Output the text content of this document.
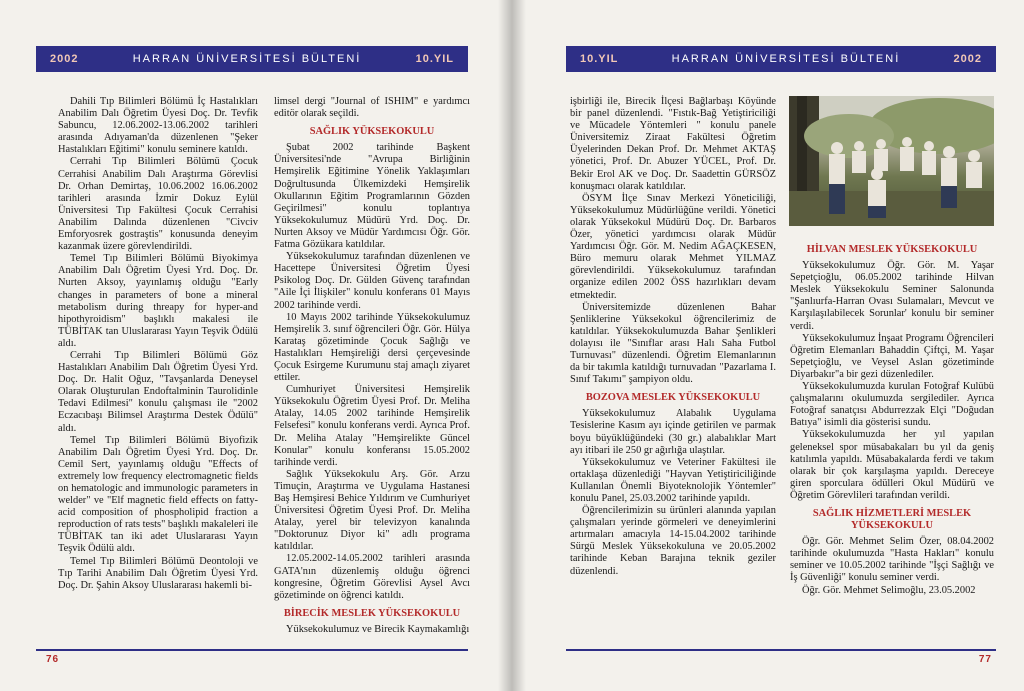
2002	HARRAN ÜNİVERSİTESİ BÜLTENİ	10.YIL

Dahili Tıp Bilimleri Bölümü İç Hastalıkları Anabilim Dalı Öğretim Üyesi Doç. Dr. Tevfik Sabuncu, 12.06.2002-13.06.2002 tarihleri arasında Adıyaman'da düzenlenen "Şeker Hastalıkları Eğitimi" konulu seminere katıldı.

Cerrahi Tıp Bilimleri Bölümü Çocuk Cerrahisi Anabilim Dalı Araştırma Görevlisi Dr. Orhan Demirtaş, 10.06.2002 16.06.2002 tarihleri arasında İzmir Dokuz Eylül Üniversitesi Tıp Fakültesi Çocuk Cerrahisi Anabilim Dalında düzenlenen "Civciv Emforyosrek gostraştis" konusunda deneyim kazanmak üzere görevlendirildi.

Temel Tıp Bilimleri Bölümü Biyokimya Anabilim Dalı Öğretim Üyesi Yrd. Doç. Dr. Nurten Aksoy, yayınlamış olduğu "Early changes in parameters of bone a mineral metabolism during threapy for hyper-and hipothyroidism" başlıklı makalesi ile TÜBİTAK tan Uluslararası Yayın Teşvik Ödülü aldı.

Cerrahi Tıp Bilimleri Bölümü Göz Hastalıkları Anabilim Dalı Öğretim Üyesi Yrd. Doç. Dr. Halit Oğuz, "Tavşanlarda Deneysel Olarak Oluşturulan Endoftalminin Taurolidinle Tedavi Edilmesi" konulu çalışması ile "2002 Eczacıbaşı Bilimsel Araştırma Destek Ödülü" aldı.

Temel Tıp Bilimleri Bölümü Biyofizik Anabilim Dalı Öğretim Üyesi Yrd. Doç. Dr. Cemil Sert, yayınlamış olduğu "Effects of extremely low frequency electromagnetic fields on hematologic and immunologic parameters in welder" ve "Elf magnetic field effects on fatty-acid composition of phospholipid fraction a reproduction of rats tests" başlıklı makaleleri ile TÜBİTAK tan iki adet Uluslararası Yayın Teşvik Ödülü aldı.

Temel Tıp Bilimleri Bölümü Deontoloji ve Tıp Tarihi Anabilim Dalı Öğretim Üyesi Yrd. Doç. Dr. Şahin Aksoy Uluslararası hakemli bi-

limsel dergi "Journal of ISHIM" e yardımcı editör olarak seçildi.

SAĞLIK YÜKSEKOKULU

Şubat 2002 tarihinde Başkent Üniversitesi'nde "Avrupa Birliğinin Hemşirelik Eğitimine Yönelik Yaklaşımları Doğrultusunda Ülkemizdeki Hemşirelik Okullarının Eğitim Programlarının Gözden Geçirilmesi" konulu toplantıya Yüksekokulumuz Müdürü Yrd. Doç. Dr. Nurten Aksoy ve Müdür Yardımcısı Öğr. Gör. Fatma Gözükara katıldılar.

Yüksekokulumuz tarafından düzenlenen ve Hacettepe Üniversitesi Öğretim Üyesi Psikolog Doç. Dr. Gülden Güvenç tarafından "Aile İçi İlişkiler" konulu konferans 01 Mayıs 2002 tarihinde verdi.

10 Mayıs 2002 tarihinde Yüksekokulumuz Hemşirelik 3. sınıf öğrencileri Öğr. Gör. Hülya Karataş gözetiminde Çocuk Sağlığı ve Hastalıkları Hemşireliği dersi çerçevesinde Çocuk Esirgeme Kurumunu staj amaçlı ziyaret ettiler.

Cumhuriyet Üniversitesi Hemşirelik Yüksekokulu Öğretim Üyesi Prof. Dr. Meliha Atalay, 14.05 2002 tarihinde Hemşirelik Felsefesi" konulu konferans verdi. Ayrıca Prof. Dr. Meliha Atalay "Hemşirelikte Güncel Konular" konulu konferansı 15.05.2002 tarihinde verdi.

Sağlık Yüksekokulu Arş. Gör. Arzu Timuçin, Araştırma ve Uygulama Hastanesi Baş Hemşiresi Behice Yıldırım ve Cumhuriyet Üniversitesi Öğretim Üyesi Prof. Dr. Meliha Atalay, yerel bir televizyon kanalında "Doktorunuz Diyor ki" adlı programa katıldılar.

12.05.2002-14.05.2002 tarihleri arasında GATA'nın düzenlemiş olduğu öğrenci kongresine, Öğretim Görevlisi Aysel Avcı gözetiminde on öğrenci katıldı.

BİRECİK MESLEK YÜKSEKOKULU

Yüksekokulumuz ve Birecik Kaymakamlığı

76
10.YIL	HARRAN ÜNİVERSİTESİ BÜLTENİ	2002

işbirliği ile, Birecik İlçesi Bağlarbaşı Köyünde bir panel düzenlendi. "Fıstık-Bağ Yetiştiriciliği ve Mücadele Yöntemleri " konulu panele Üniversitemiz Ziraat Fakültesi Öğretim Üyelerinden Dekan Prof. Dr. Mehmet AKTAŞ yönetici, Prof. Dr. Abuzer YÜCEL, Prof. Dr. Bekir Erol AK ve Doç. Dr. Saadettin GÜRSÖZ konuşmacı olarak katıldılar.

ÖSYM İlçe Sınav Merkezi Yöneticiliği, Yüksekokulumuz Müdürlüğüne verildi. Yönetici olarak Yüksekokul Müdürü Doç. Dr. Barbaros Özer, yönetici yardımcısı olarak Müdür Yardımcısı Öğr. Gör. M. Nedim AĞAÇKESEN, Büro memuru olarak Mehmet YILMAZ görevlendirildi. Yüksekokulumuz tarafından organize edilen 2002 ÖSS hazırlıkları devam etmektedir.

Üniversitemizde düzenlenen Bahar Şenliklerine Yüksekokul öğrencilerimiz de katıldılar. Yüksekokulumuzda Bahar Şenlikleri dolayısı ile "Sınıflar arası Halı Saha Futbol Turnuvası" düzenlendi. Öğretim Elemanlarının da bir takımla katıldığı turnuvadan "Pazarlama I. Sınıf Takımı" şampiyon oldu.

BOZOVA MESLEK YÜKSEKOKULU

Yüksekokulumuz Alabalık Uygulama Tesislerine Kasım ayı içinde getirilen ve parmak boyu büyüklüğündeki (30 gr.) alabalıklar Mart ayı itibari ile 250 gr ağırlığa ulaştılar.

Yüksekokulumuz ve Veteriner Fakültesi ile ortaklaşa düzenlediği "Hayvan Yetiştiriciliğinde Kullanılan Önemli Biyoteknolojik Yöntemler" konulu Panel, 25.03.2002 tarihinde yapıldı.

Öğrencilerimizin su ürünleri alanında yapılan çalışmaları yerinde görmeleri ve deneyimlerini artırmaları amacıyla 14-15.04.2002 tarihinde Sürgü Meslek Yüksekokuluna ve 20.05.2002 tarihinde Keban Barajına teknik geziler düzenlendi.

HİLVAN MESLEK YÜKSEKOKULU

Yüksekokulumuz Öğr. Gör. M. Yaşar Sepetçioğlu, 06.05.2002 tarihinde Hilvan Meslek Yüksekokulu Seminer Salonunda "Şanlıurfa-Harran Ovası Sulamaları, Mevcut ve Karşılaşılabilecek Sorunlar' konulu bir seminer verdi.

Yüksekokulumuz İnşaat Programı Öğrencileri Öğretim Elemanları Bahaddin Çiftçi, M. Yaşar Sepetçioğlu, ve Veysel Aslan gözetiminde Diyarbakır"a bir gezi düzenlediler.

Yüksekokulumuzda kurulan Fotoğraf Kulübü çalışmalarını okulumuzda sergilediler. Ayrıca Fotoğraf sanatçısı Abdurrezzak Elçi "Doğudan Batıya" isimli dia gösterisi sundu.

Yüksekokulumuzda her yıl yapılan geleneksel spor müsabakaları bu yıl da geniş katılımla yapıldı. Müsabakalarda ferdi ve takım olarak bir çok karşılaşma yapıldı. Dereceye giren sporculara ödülleri Okul Müdürü ve Öğretim Görevlileri tarafından verildi.

SAĞLIK HİZMETLERİ MESLEK YÜKSEKOKULU

Öğr. Gör. Mehmet Selim Özer, 08.04.2002 tarihinde okulumuzda "Hasta Hakları" konulu seminer ve 10.05.2002 tarihinde "İşçi Sağlığı ve İş Güvenliği" konulu seminer verdi.

Öğr. Gör. Mehmet Selimoğlu, 23.05.2002

77
